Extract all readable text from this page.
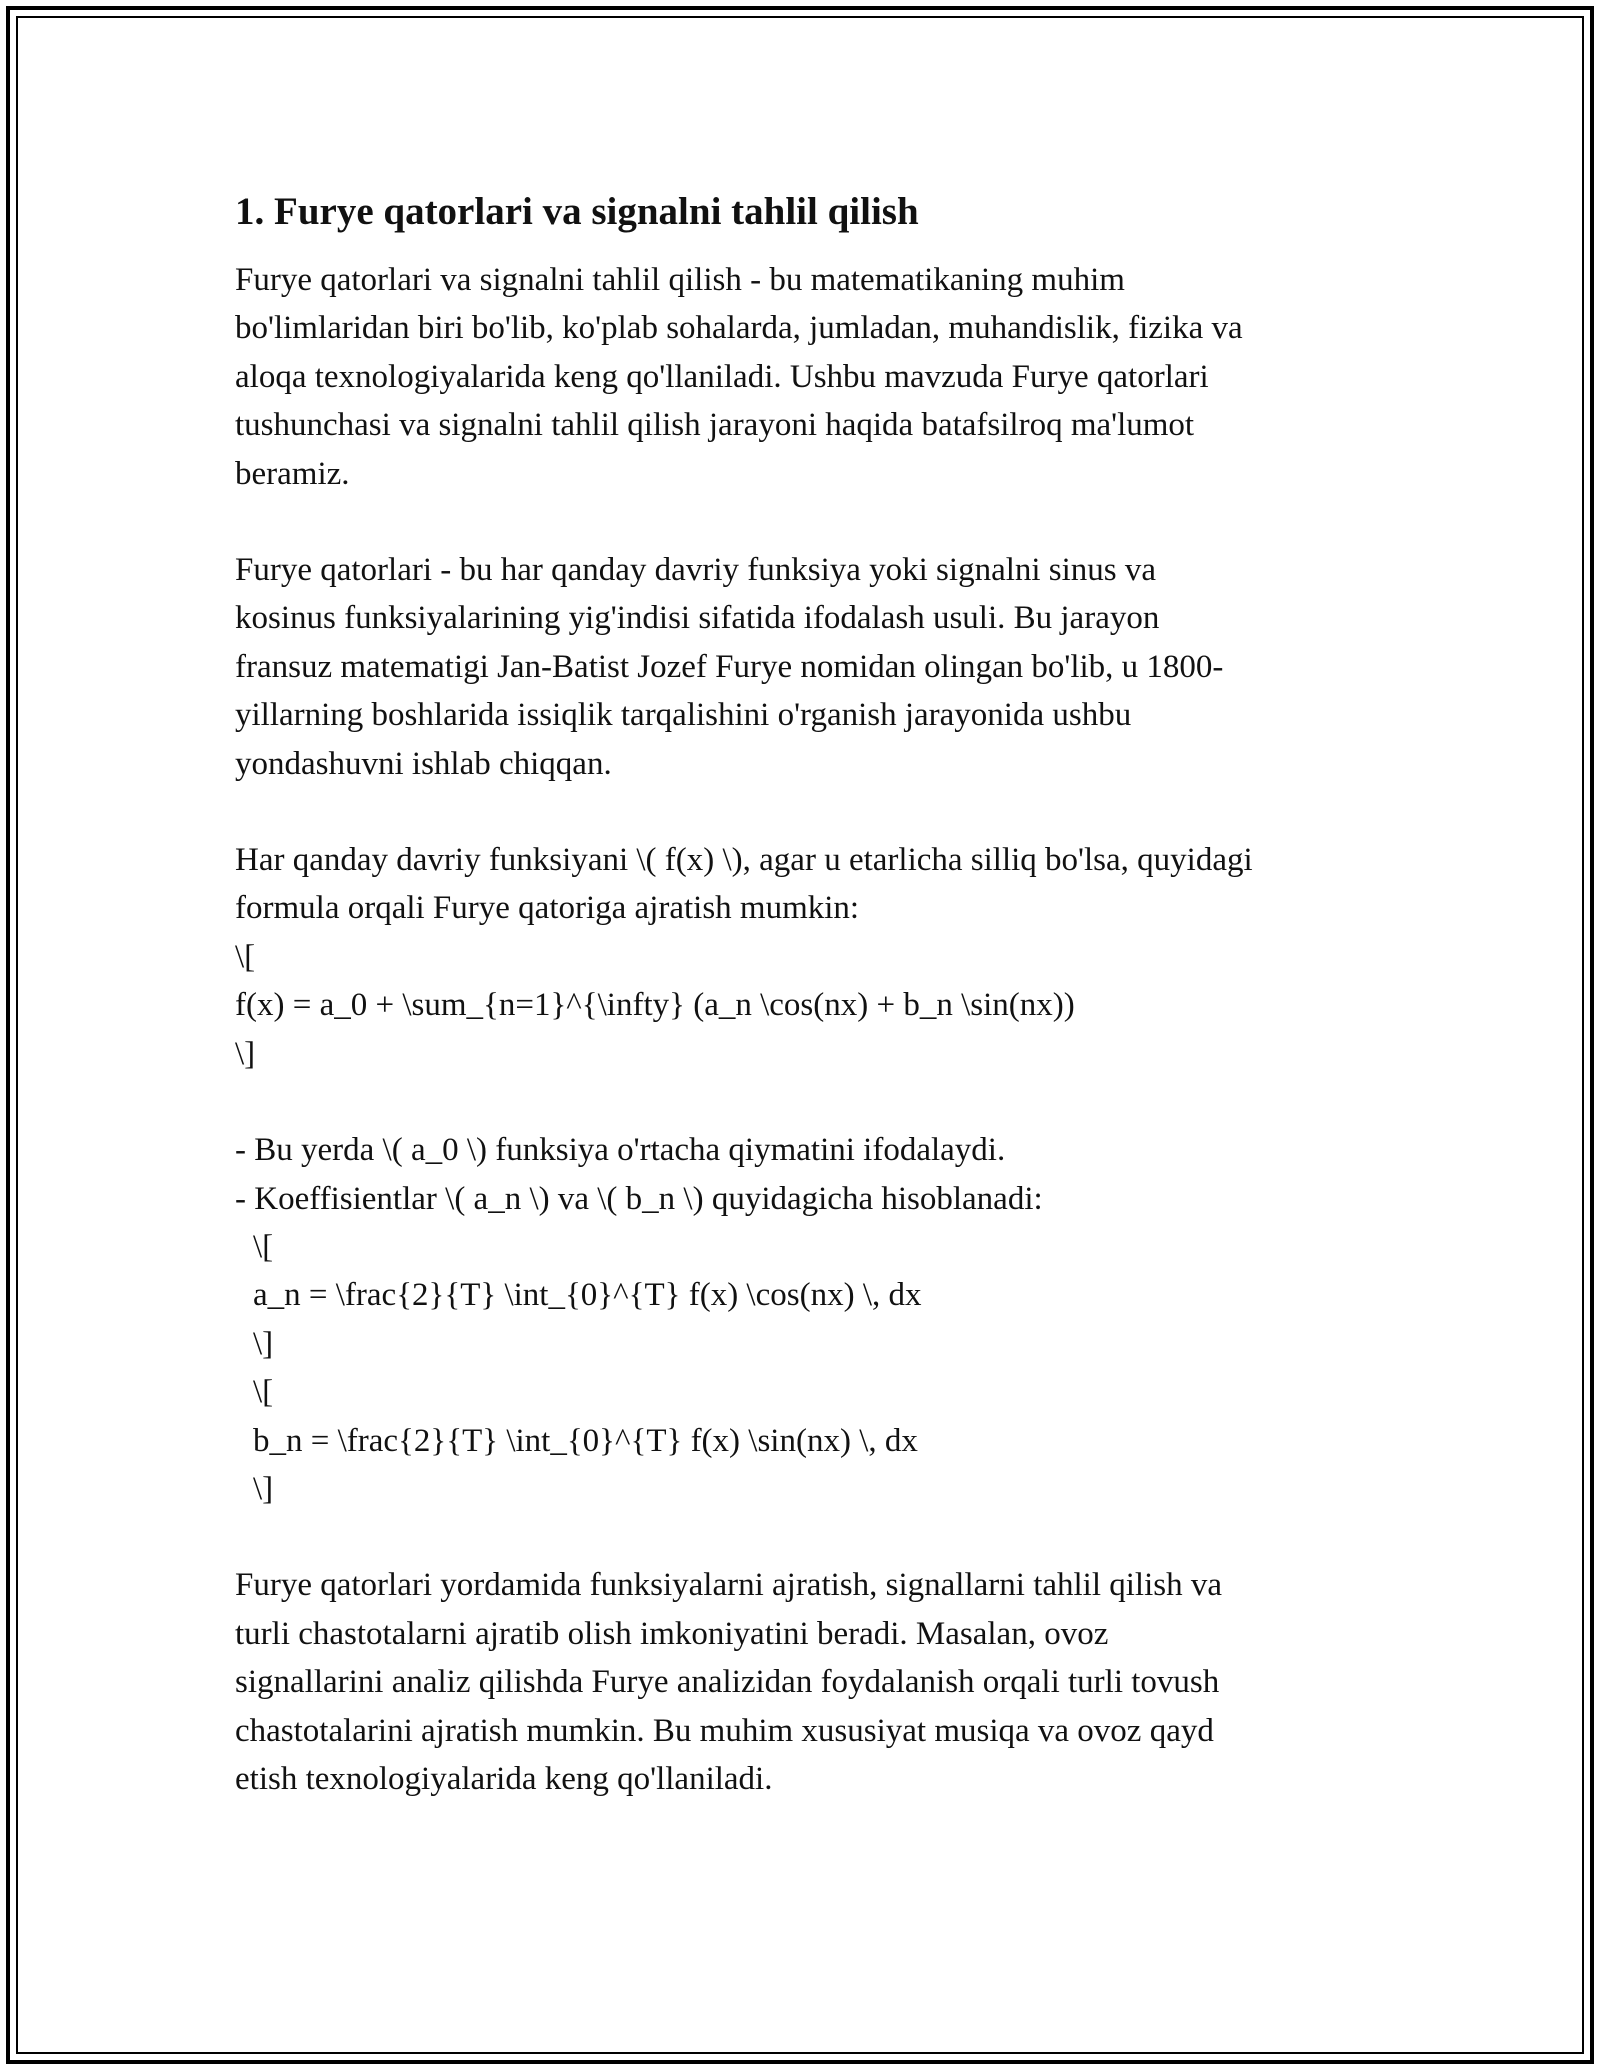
1. Furye qatorlari va signalni tahlil qilish

Furye qatorlari va signalni tahlil qilish - bu matematikaning muhim
bo'limlaridan biri bo'lib, ko'plab sohalarda, jumladan, muhandislik, fizika va
aloqa texnologiyalarida keng qo'llaniladi. Ushbu mavzuda Furye qatorlari
tushunchasi va signalni tahlil qilish jarayoni haqida batafsilroq ma'lumot
beramiz.

Furye qatorlari - bu har qanday davriy funksiya yoki signalni sinus va
kosinus funksiyalarining yig'indisi sifatida ifodalash usuli. Bu jarayon
fransuz matematigi Jan-Batist Jozef Furye nomidan olingan bo'lib, u 1800-
yillarning boshlarida issiqlik tarqalishini o'rganish jarayonida ushbu
yondashuvni ishlab chiqqan.

Har qanday davriy funksiyani \( f(x) \), agar u etarlicha silliq bo'lsa, quyidagi
formula orqali Furye qatoriga ajratish mumkin:
\[
f(x) = a_0 + \sum_{n=1}^{\infty} (a_n \cos(nx) + b_n \sin(nx))
\]
- Bu yerda \( a_0 \) funksiya o'rtacha qiymatini ifodalaydi.
- Koeffisientlar \( a_n \) va \( b_n \) quyidagicha hisoblanadi:
\[
a_n = \frac{2}{T} \int_{0}^{T} f(x) \cos(nx) \, dx
\]
\[
b_n = \frac{2}{T} \int_{0}^{T} f(x) \sin(nx) \, dx
\]

Furye qatorlari yordamida funksiyalarni ajratish, signallarni tahlil qilish va
turli chastotalarni ajratib olish imkoniyatini beradi. Masalan, ovoz
signallarini analiz qilishda Furye analizidan foydalanish orqali turli tovush
chastotalarini ajratish mumkin. Bu muhim xususiyat musiqa va ovoz qayd
etish texnologiyalarida keng qo'llaniladi.
